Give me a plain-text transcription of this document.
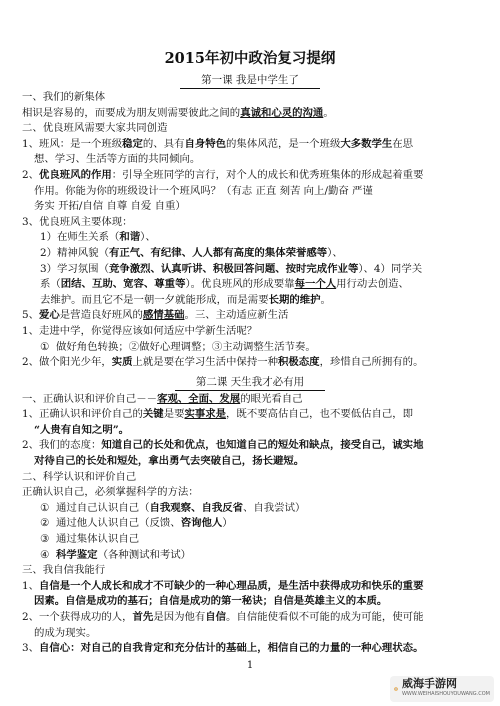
2015年初中政治复习提纲
第一课 我是中学生了
一、我们的新集体
相识是容易的，而要成为朋友则需要彼此之间的真诚和心灵的沟通。
二、优良班风需要大家共同创造
1、班风：是一个班级稳定的、具有自身特色的集体风范，是一个班级大多数学生在思
想、学习、生活等方面的共同倾向。
2、优良班风的作用：引导全班同学的言行，对个人的成长和优秀班集体的形成起着重要
作用。你能为你的班级设计一个班风吗？（有志 正直 刻苦 向上/勤奋 严谨
务实 开拓/自信 自尊 自爱 自重）
3、优良班风主要体现：
1）在师生关系（和谐）、
2）精神风貌（有正气、有纪律、人人都有高度的集体荣誉感等）、
3）学习氛围（竞争激烈、认真听讲、积极回答问题、按时完成作业等）、4）同学关
系（团结、互助、宽容、尊重等）。优良班风的形成要靠每一个人用行动去创造、
去维护。而且它不是一朝一夕就能形成，而是需要长期的维护。
5、爱心是营造良好班风的感情基础。三、主动适应新生活
1、走进中学，你觉得应该如何适应中学新生活呢？
① 做好角色转换；②做好心理调整；③主动调整生活节奏。
2、做个阳光少年，实质上就是要在学习生活中保持一种积极态度，珍惜自己所拥有的。
第二课 天生我才必有用
一、正确认识和评价自己－－客观、全面、发展的眼光看自己
1、正确认识和评价自己的关键是要实事求是，既不要高估自己，也不要低估自己，即
“人贵有自知之明”。
2、我们的态度：知道自己的长处和优点，也知道自己的短处和缺点，接受自己，诚实地
对待自己的长处和短处，拿出勇气去突破自己，扬长避短。
二、科学认识和评价自己
正确认识自己，必须掌握科学的方法：
① 通过自己认识自己（自我观察、自我反省、自我尝试）
② 通过他人认识自己（反馈、咨询他人）
③ 通过集体认识自己
④ 科学鉴定（各种测试和考试）
三、我自信我能行
1、自信是一个人成长和成才不可缺少的一种心理品质，是生活中获得成功和快乐的重要
因素。自信是成功的基石；自信是成功的第一秘诀；自信是英雄主义的本质。
2、一个获得成功的人，首先是因为他有自信。自信能使看似不可能的成为可能，使可能
的成为现实。
3、自信心：对自己的自我肯定和充分估计的基础上，相信自己的力量的一种心理状态。
1
威海手游网
WWW.WEIHAISHOUYOUWANG.COM
